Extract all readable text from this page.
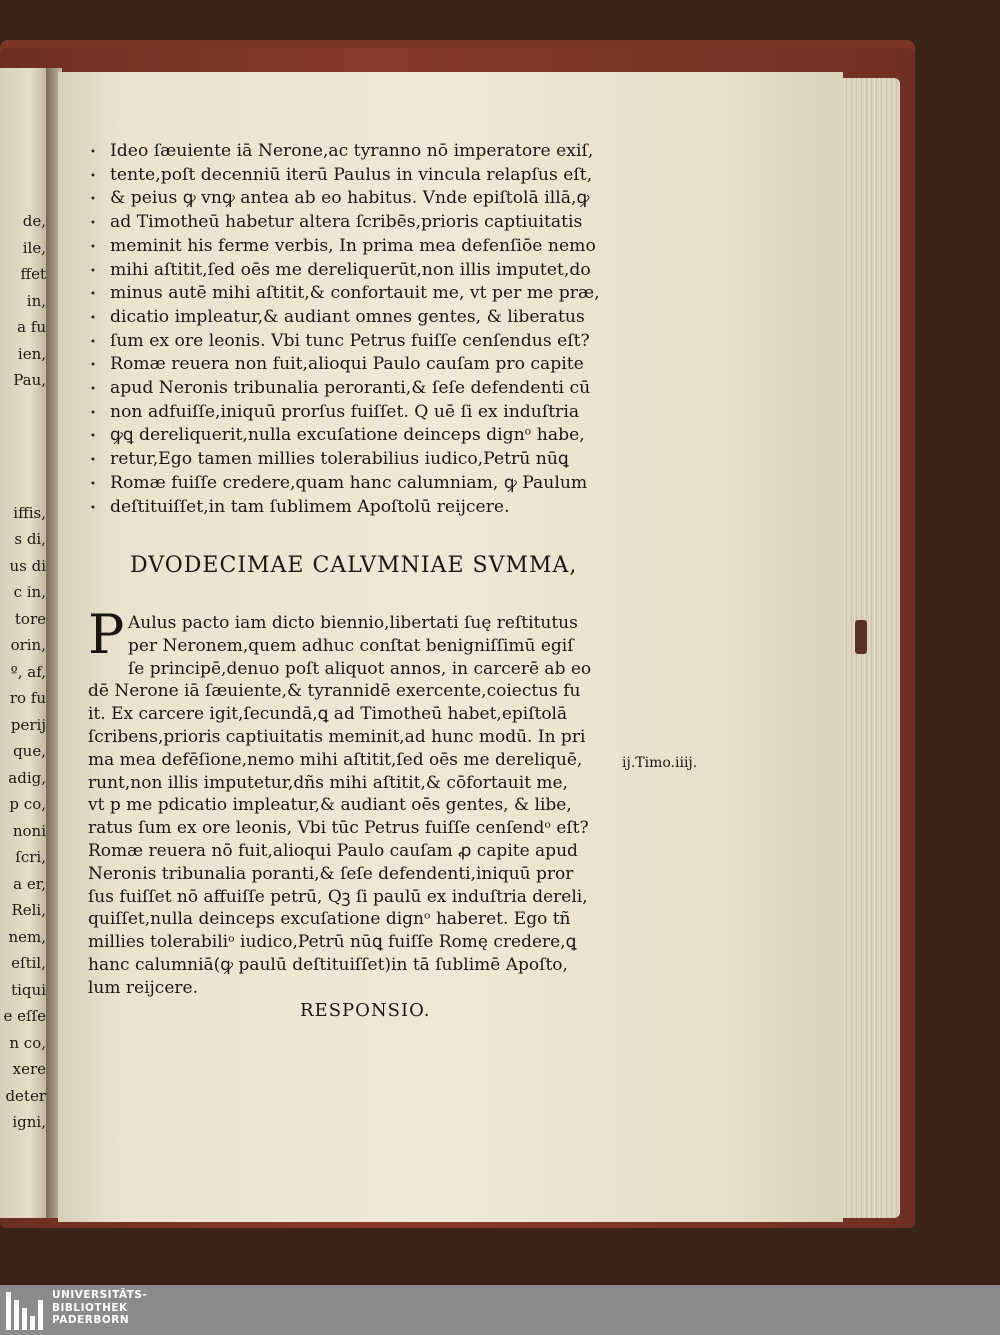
de,
ile,
ffet
in,
a fu
ien,
Pau,

iffis,
s di,
us di
c in,
tore
orin,
º, af,
ro fu
perij
que,
adig,
p co,
noni
ſcri,
a er,
Reli,
nem,
eſtil,
tiqui
e eſſe
n co,
xere
deter
igni,
• Ideo ſæuiente iā Nerone,ac tyranno nō imperatore exiſ,
• tente,poſt decenniū iterū Paulus in vincula relapſus eſt,
• & peius ꝙ vnꝙ antea ab eo habitus. Vnde epiſtolā illā,ꝙ
• ad Timotheū habetur altera ſcribēs,prioris captiuitatis
• meminit his ferme verbis, In prima mea defenſiōe nemo
• mihi aſtitit,ſed oēs me dereliquerūt,non illis imputet,do
• minus autē mihi aſtitit,& confortauit me, vt per me præ,
• dicatio impleatur,& audiant omnes gentes, & liberatus
• ſum ex ore leonis. Vbi tunc Petrus fuiſſe cenſendus eſt?
• Romæ reuera non fuit,alioqui Paulo cauſam pro capite
• apud Neronis tribunalia peroranti,& ſeſe defendenti cū
• non adfuiſſe,iniquū prorſus fuiſſet. Q uē ſi ex induſtria
• ꝙꝗ dereliquerit,nulla excuſatione deinceps dignᵒ habe,
• retur,Ego tamen millies tolerabilius iudico,Petrū nūꝗ
• Romæ fuiſſe credere,quam hanc calumniam, ꝙ Paulum
• deſtituiſſet,in tam ſublimem Apoſtolū reijcere.
DVODECIMAE CALVMNIAE SVMMA,
P Aulus pacto iam dicto biennio,libertati ſuę reſtitutus
per Neronem,quem adhuc conſtat benigniſſimū egiſ
ſe principē,denuo poſt aliquot annos, in carcerē ab eo
dē Nerone iā ſæuiente,& tyrannidē exercente,coiectus fu
it. Ex carcere igit,ſecundā,ꝗ ad Timotheū habet,epiſtolā
ſcribens,prioris captiuitatis meminit,ad hunc modū. In pri
ma mea defēſione,nemo mihi aſtitit,ſed oēs me dereliquē,
runt,non illis imputetur,dñs mihi aſtitit,& cōfortauit me,
vt p me pdicatio impleatur,& audiant oēs gentes, & libe,
ratus ſum ex ore leonis, Vbi tūc Petrus fuiſſe cenſendᵒ eſt?
Romæ reuera nō fuit,alioqui Paulo cauſam ꝓ capite apud
Neronis tribunalia poranti,& ſeſe defendenti,iniquū pror
ſus fuiſſet nō affuiſſe petrū, Qꝫ ſi paulū ex induſtria dereli,
quiſſet,nulla deinceps excuſatione dignᵒ haberet. Ego tñ
millies tolerabiliᵒ iudico,Petrū nūꝗ fuiſſe Romę credere,ꝗ
hanc calumniā(ꝙ paulū deſtituiſſet)in tā ſublimē Apoſto,
lum reijcere.
RESPONSIO.
ij.Timo.iiij.
UNIVERSITÄTS-
BIBLIOTHEK
PADERBORN
